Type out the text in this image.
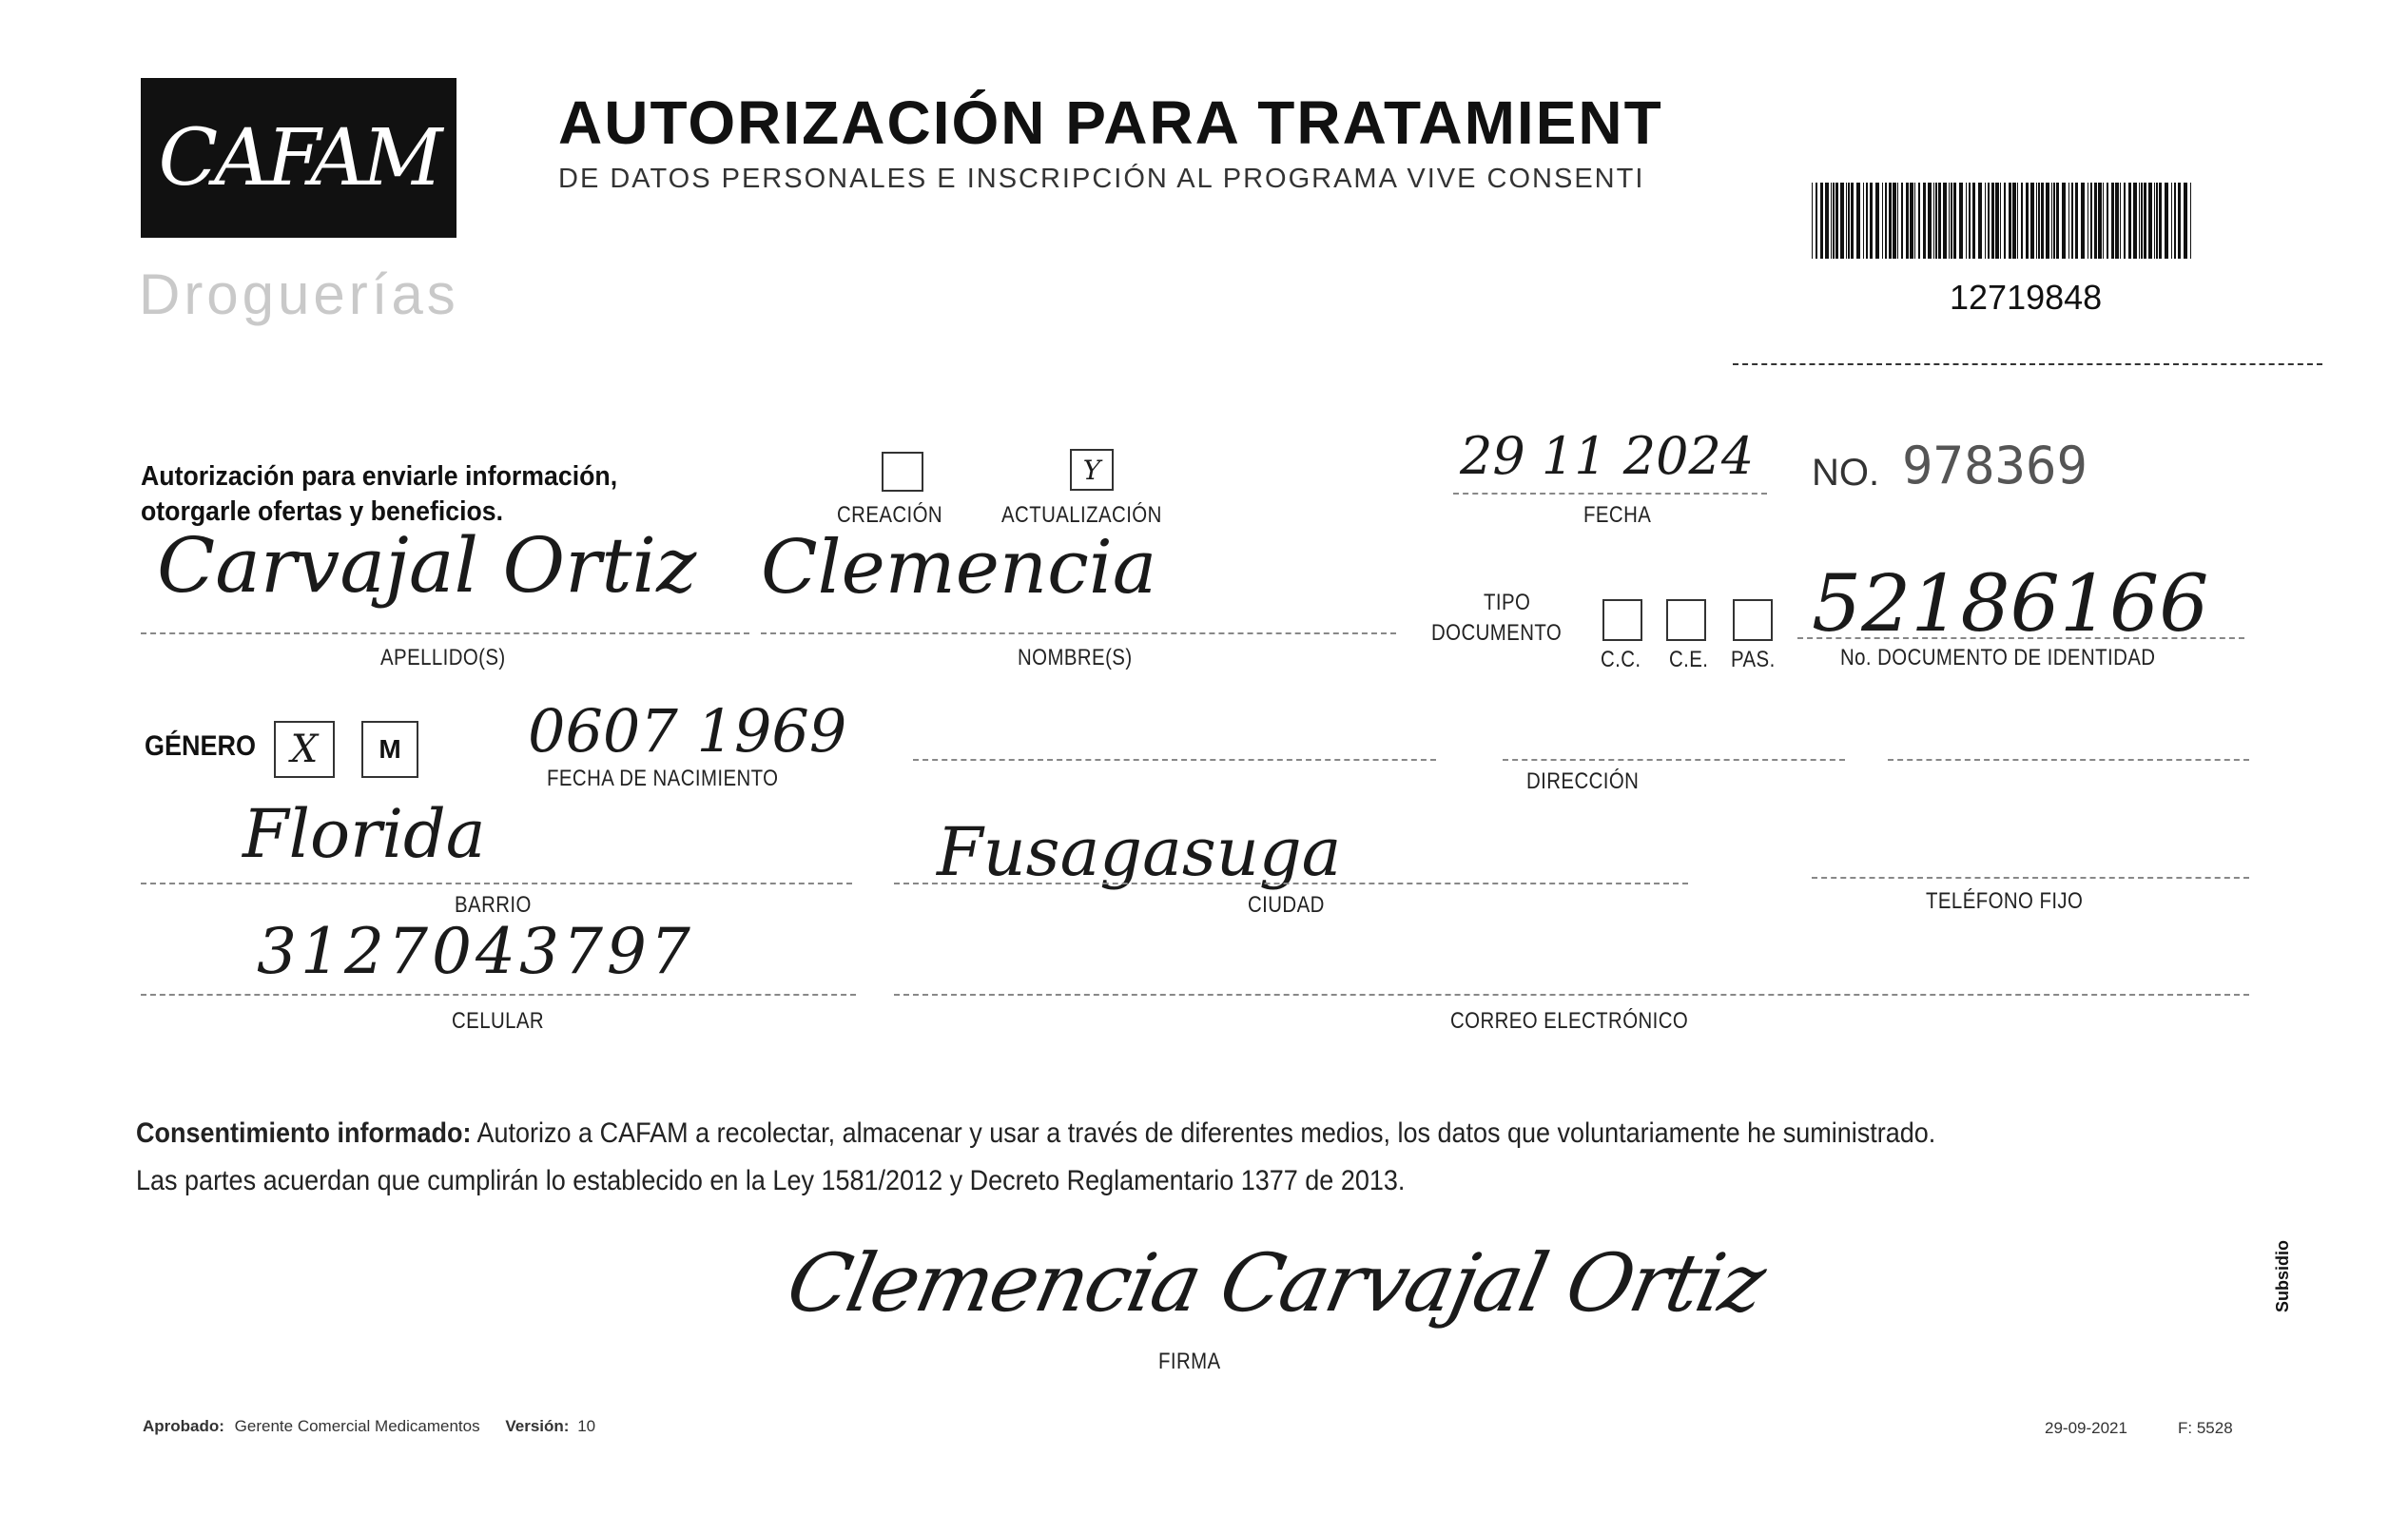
CAFAM
Droguerías
AUTORIZACIÓN PARA TRATAMIENT
DE DATOS PERSONALES E INSCRIPCIÓN AL PROGRAMA VIVE CONSENTI
12719848
Autorización para enviarle información,
otorgarle ofertas y beneficios.	CREACIÓN
Y
ACTUALIZACIÓN
29 11 2024
FECHA
NO. 978369
Carvajal Ortiz
APELLIDO(S)
Clemencia
NOMBRE(S)
TIPO
DOCUMENTO
C.C. C.E. PAS.
52186166
No. DOCUMENTO DE IDENTIDAD
GÉNERO X M 0607 1969
FECHA DE NACIMIENTO	DIRECCIÓN
Florida
BARRIO
Fusagasuga
CIUDAD	TELÉFONO FIJO
3127043797
CELULAR	CORREO ELECTRÓNICO
Consentimiento informado: Autorizo a CAFAM a recolectar, almacenar y usar a través de diferentes medios, los datos que voluntariamente he suministrado.
Las partes acuerdan que cumplirán lo establecido en la Ley 1581/2012 y Decreto Reglamentario 1377 de 2013.
Clemencia Carvajal Ortiz
FIRMA
Aprobado: Gerente Comercial Medicamentos Versión: 10	29-09-2021	F: 5528
Subsidio
